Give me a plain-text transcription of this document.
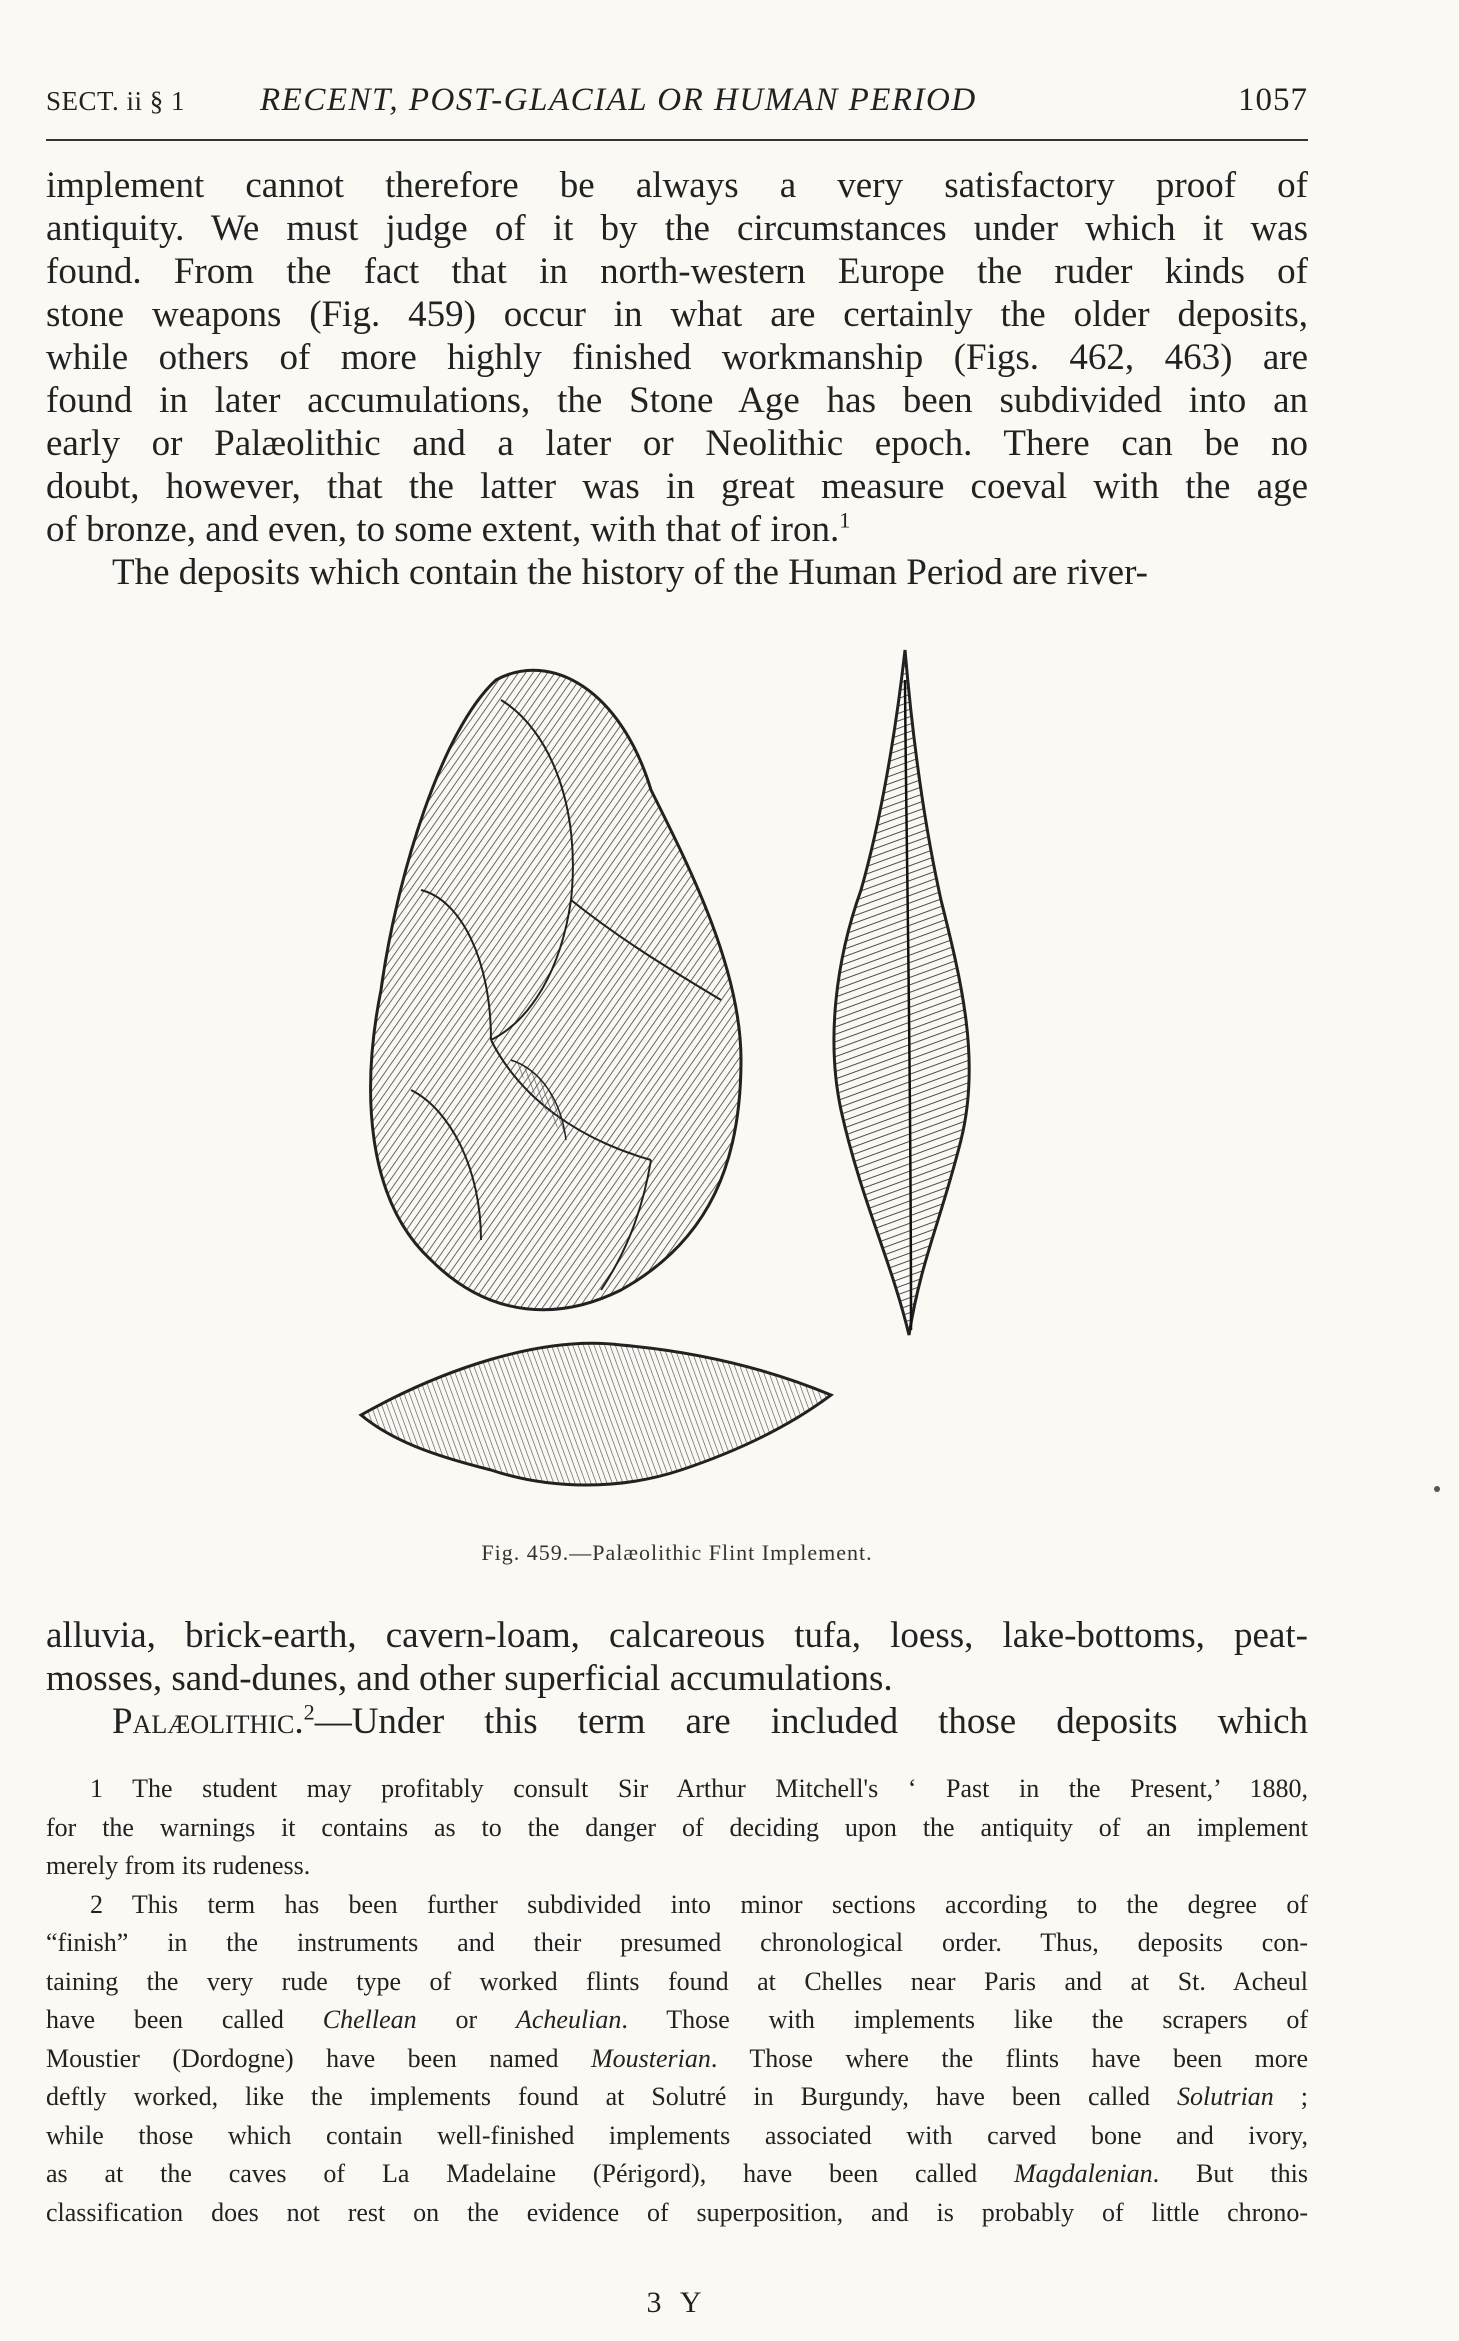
SECT. ii § 1 RECENT, POST-GLACIAL OR HUMAN PERIOD	1057
implement cannot therefore be always a very satisfactory proof of
antiquity. We must judge of it by the circumstances under which it was
found. From the fact that in north-western Europe the ruder kinds of
stone weapons (Fig. 459) occur in what are certainly the older deposits,
while others of more highly finished workmanship (Figs. 462, 463) are
found in later accumulations, the Stone Age has been subdivided into an
early or Palæolithic and a later or Neolithic epoch. There can be no
doubt, however, that the latter was in great measure coeval with the age
of bronze, and even, to some extent, with that of iron.$^1$
The deposits which contain the history of the Human Period are river-
Fig. 459.—Palæolithic Flint Implement.
alluvia, brick-earth, cavern-loam, calcareous tufa, loess, lake-bottoms, peat-
mosses, sand-dunes, and other superficial accumulations.
Palæolithic.$^2$—Under this term are included those deposits which
1 The student may profitably consult Sir Arthur Mitchell's ‘ Past in the Present,’ 1880,
for the warnings it contains as to the danger of deciding upon the antiquity of an implement
merely from its rudeness.
2 This term has been further subdivided into minor sections according to the degree of
“finish” in the instruments and their presumed chronological order. Thus, deposits con-
taining the very rude type of worked flints found at Chelles near Paris and at St. Acheul
have been called Chellean or Acheulian. Those with implements like the scrapers of
Moustier (Dordogne) have been named Mousterian. Those where the flints have been more
deftly worked, like the implements found at Solutré in Burgundy, have been called Solutrian ;
while those which contain well-finished implements associated with carved bone and ivory,
as at the caves of La Madelaine (Périgord), have been called Magdalenian. But this
classification does not rest on the evidence of superposition, and is probably of little chrono-
3 Y
